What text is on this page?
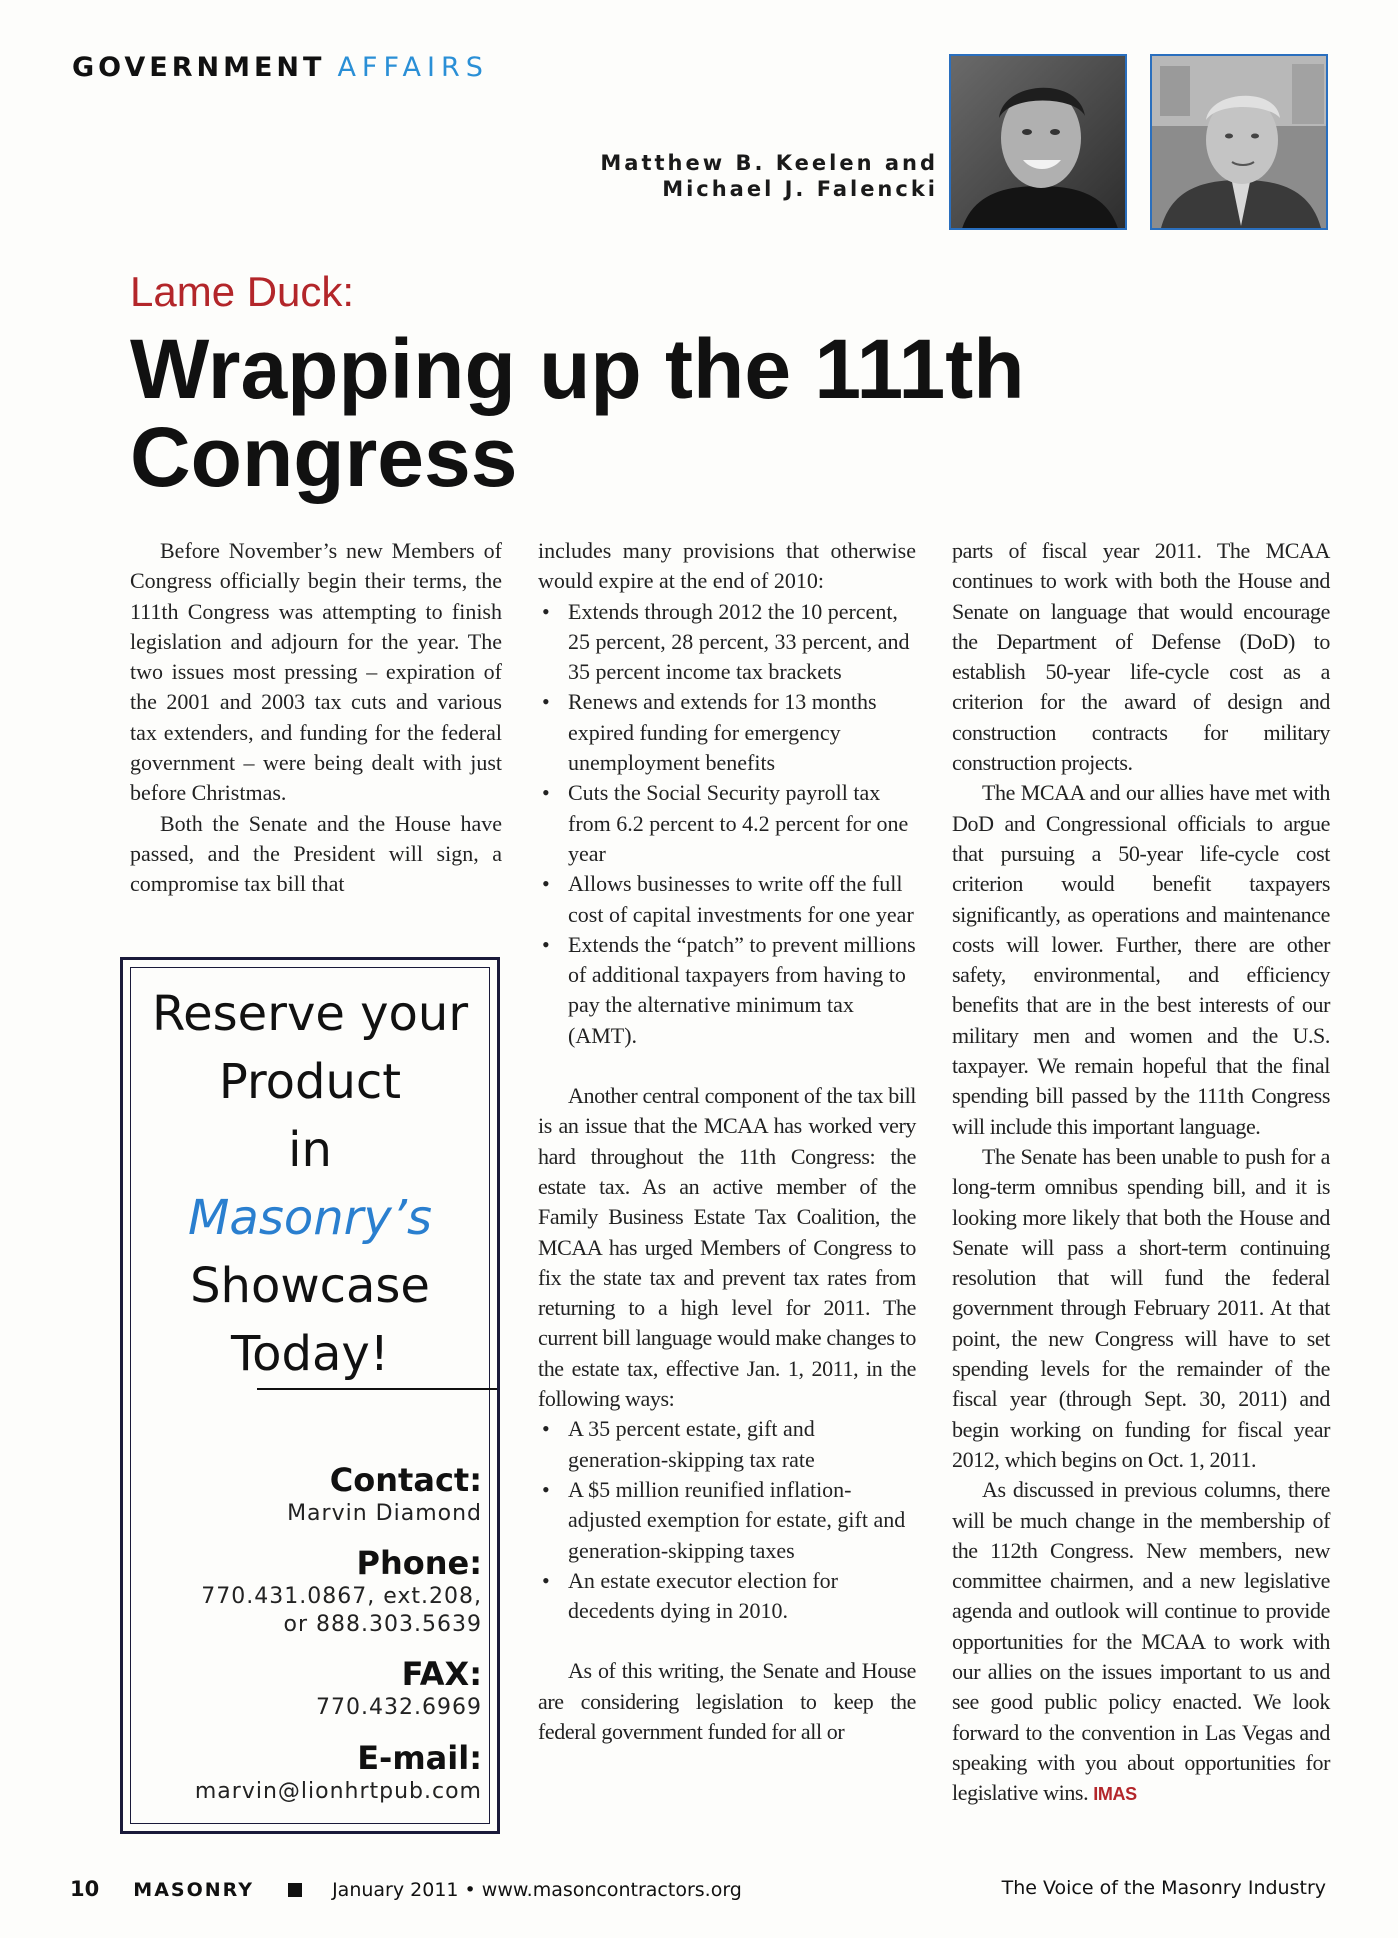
GOVERNMENT AFFAIRS
Matthew B. Keelen and
Michael J. Falencki
Lame Duck:
Wrapping up the 111th
Congress

Before November’s new Members of Congress officially begin their terms, the 111th Congress was attempting to finish legislation and adjourn for the year. The two issues most pressing – expiration of the 2001 and 2003 tax cuts and various tax extenders, and funding for the federal government – were being dealt with just before Christmas.

Both the Senate and the House have passed, and the President will sign, a compromise tax bill that

Reserve your
Product
in
Masonry’s
Showcase
Today!
Contact:
Marvin Diamond
Phone:
770.431.0867, ext.208,
or 888.303.5639
FAX:
770.432.6969
E-mail:
marvin@lionhrtpub.com

includes many provisions that otherwise would expire at the end of 2010:

• Extends through 2012 the 10 percent, 25 percent, 28 percent, 33 percent, and 35 percent income tax brackets
• Renews and extends for 13 months expired funding for emergency unemployment benefits
• Cuts the Social Security payroll tax from 6.2 percent to 4.2 percent for one year
• Allows businesses to write off the full cost of capital investments for one year
• Extends the “patch” to prevent millions of additional taxpayers from having to pay the alternative minimum tax (AMT).

Another central component of the tax bill is an issue that the MCAA has worked very hard throughout the 11th Congress: the estate tax. As an active member of the Family Business Estate Tax Coalition, the MCAA has urged Members of Congress to fix the state tax and prevent tax rates from returning to a high level for 2011. The current bill language would make changes to the estate tax, effective Jan. 1, 2011, in the following ways:

• A 35 percent estate, gift and generation-skipping tax rate
• A $5 million reunified inflation-adjusted exemption for estate, gift and generation-skipping taxes
• An estate executor election for decedents dying in 2010.

As of this writing, the Senate and House are considering legislation to keep the federal government funded for all or

parts of fiscal year 2011. The MCAA continues to work with both the House and Senate on language that would encourage the Department of Defense (DoD) to establish 50-year life-cycle cost as a criterion for the award of design and construction contracts for military construction projects.

The MCAA and our allies have met with DoD and Congressional officials to argue that pursuing a 50-year life-cycle cost criterion would benefit taxpayers significantly, as operations and maintenance costs will lower. Further, there are other safety, environmental, and efficiency benefits that are in the best interests of our military men and women and the U.S. taxpayer. We remain hopeful that the final spending bill passed by the 111th Congress will include this important language.

The Senate has been unable to push for a long-term omnibus spending bill, and it is looking more likely that both the House and Senate will pass a short-term continuing resolution that will fund the federal government through February 2011. At that point, the new Congress will have to set spending levels for the remainder of the fiscal year (through Sept. 30, 2011) and begin working on funding for fiscal year 2012, which begins on Oct. 1, 2011.

As discussed in previous columns, there will be much change in the membership of the 112th Congress. New members, new committee chairmen, and a new legislative agenda and outlook will continue to provide opportunities for the MCAA to work with our allies on the issues important to us and see good public policy enacted. We look forward to the convention in Las Vegas and speaking with you about opportunities for legislative wins. IMAS

10 MASONRY	January 2011 • www.masoncontractors.org	The Voice of the Masonry Industry
